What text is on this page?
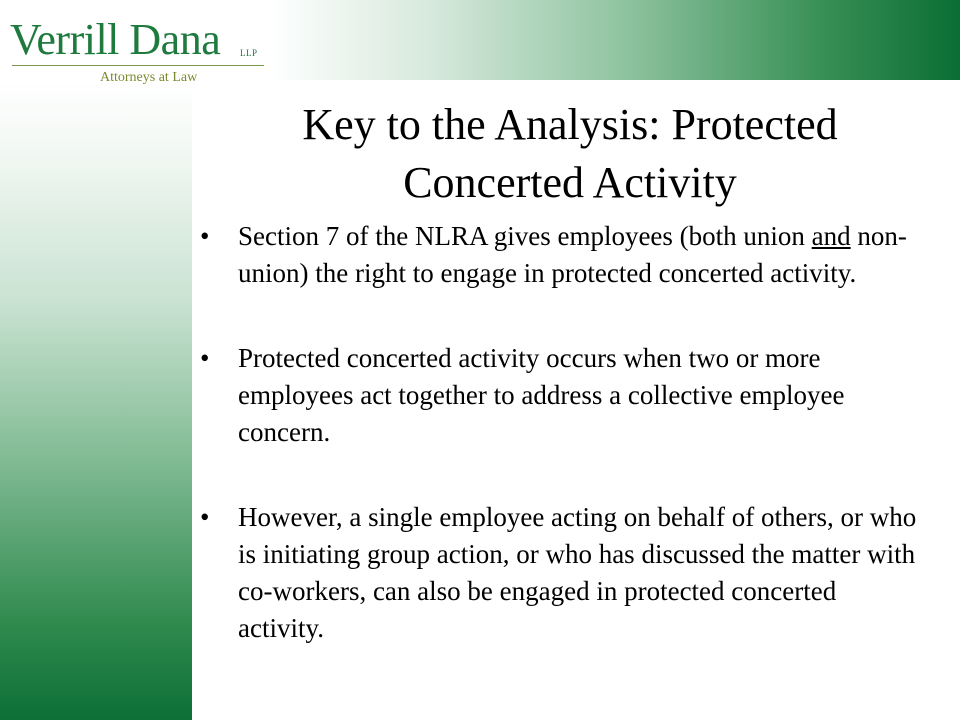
Verrill Dana LLP
Attorneys at Law
Key to the Analysis: Protected
Concerted Activity
• Section 7 of the NLRA gives employees (both union and non-union) the right to engage in protected concerted activity.
• Protected concerted activity occurs when two or more employees act together to address a collective employee concern.
• However, a single employee acting on behalf of others, or who is initiating group action, or who has discussed the matter with co-workers, can also be engaged in protected concerted activity.
